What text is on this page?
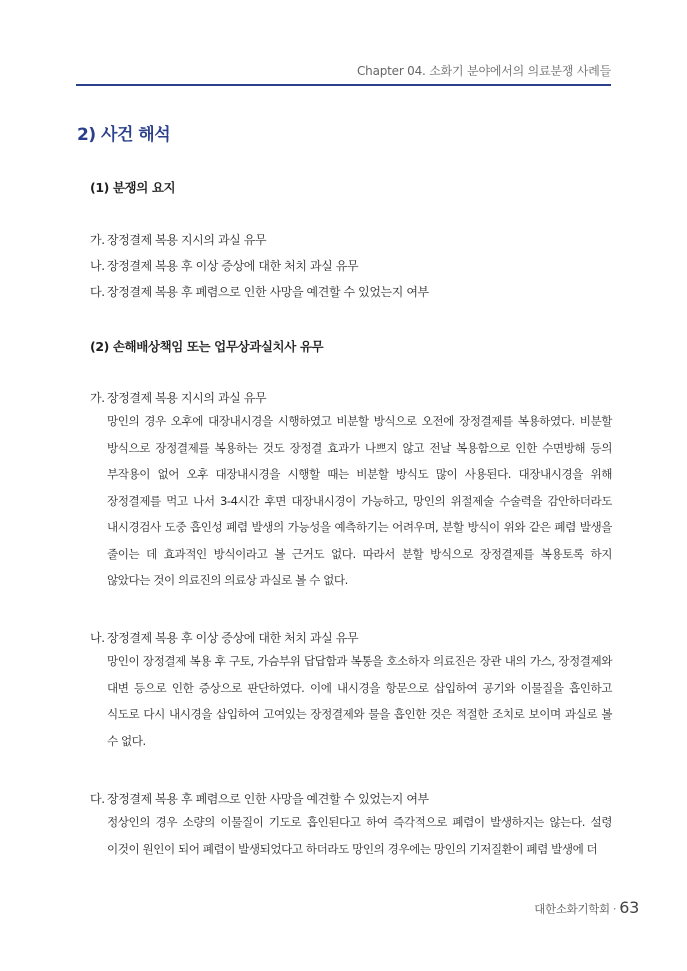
Chapter 04. 소화기 분야에서의 의료분쟁 사례들
2) 사건 해석
(1) 분쟁의 요지
가. 장정결제 복용 지시의 과실 유무
나. 장정결제 복용 후 이상 증상에 대한 처치 과실 유무
다. 장정결제 복용 후 폐렴으로 인한 사망을 예견할 수 있었는지 여부
(2) 손해배상책임 또는 업무상과실치사 유무
가. 장정결제 복용 지시의 과실 유무
망인의 경우 오후에 대장내시경을 시행하였고 비분할 방식으로 오전에 장정결제를 복용하였다. 비분할 방식으로 장정결제를 복용하는 것도 장정결 효과가 나쁘지 않고 전날 복용함으로 인한 수면방해 등의 부작용이 없어 오후 대장내시경을 시행할 때는 비분할 방식도 많이 사용된다. 대장내시경을 위해 장정결제를 먹고 나서 3-4시간 후면 대장내시경이 가능하고, 망인의 위절제술 수술력을 감안하더라도 내시경검사 도중 흡인성 폐렴 발생의 가능성을 예측하기는 어려우며, 분할 방식이 위와 같은 폐렴 발생을 줄이는 데 효과적인 방식이라고 볼 근거도 없다. 따라서 분할 방식으로 장정결제를 복용토록 하지 않았다는 것이 의료진의 의료상 과실로 볼 수 없다.
나. 장정결제 복용 후 이상 증상에 대한 처치 과실 유무
망인이 장정결제 복용 후 구토, 가슴부위 답답함과 복통을 호소하자 의료진은 장관 내의 가스, 장정결제와 대변 등으로 인한 증상으로 판단하였다. 이에 내시경을 항문으로 삽입하여 공기와 이물질을 흡인하고 식도로 다시 내시경을 삽입하여 고여있는 장정결제와 물을 흡인한 것은 적절한 조치로 보이며 과실로 볼 수 없다.
다. 장정결제 복용 후 폐렴으로 인한 사망을 예견할 수 있었는지 여부
정상인의 경우 소량의 이물질이 기도로 흡인된다고 하여 즉각적으로 폐렴이 발생하지는 않는다. 설령 이것이 원인이 되어 폐렴이 발생되었다고 하더라도 망인의 경우에는 망인의 기저질환이 폐렴 발생에 더
대한소화기학회 · 63
